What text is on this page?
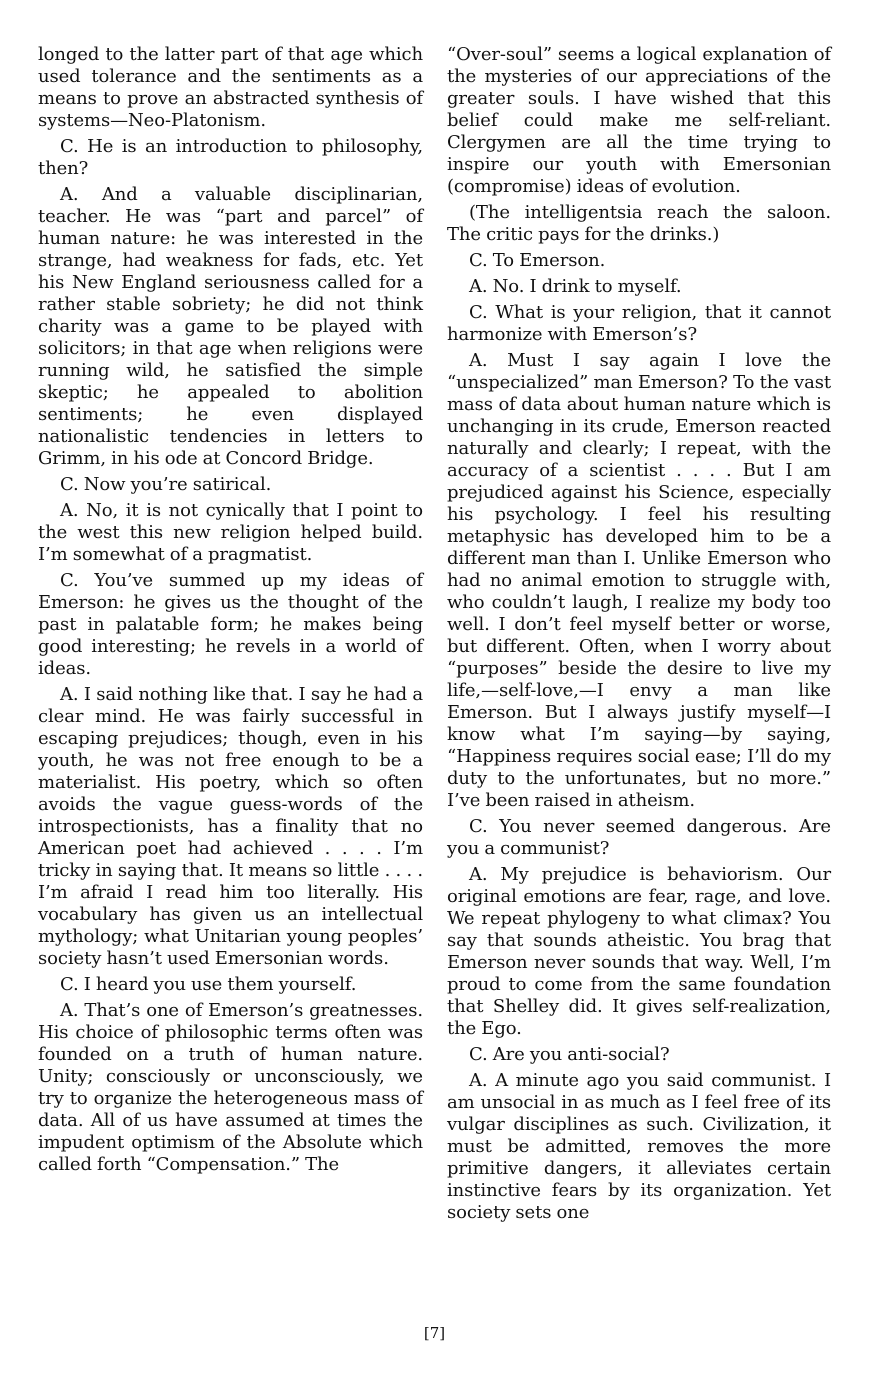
longed to the latter part of that age which used tolerance and the sentiments as a means to prove an abstracted synthesis of systems—Neo-Platonism.

C. He is an introduction to philosophy, then?

A. And a valuable disciplinarian, teacher. He was “part and parcel” of human nature: he was interested in the strange, had weakness for fads, etc. Yet his New England seriousness called for a rather stable sobriety; he did not think charity was a game to be played with solicitors; in that age when religions were running wild, he satisfied the simple skeptic; he appealed to abolition sentiments; he even displayed nationalistic tendencies in letters to Grimm, in his ode at Concord Bridge.

C. Now you’re satirical.

A. No, it is not cynically that I point to the west this new religion helped build. I’m somewhat of a pragmatist.

C. You’ve summed up my ideas of Emerson: he gives us the thought of the past in palatable form; he makes being good interesting; he revels in a world of ideas.

A. I said nothing like that. I say he had a clear mind. He was fairly successful in escaping prejudices; though, even in his youth, he was not free enough to be a materialist. His poetry, which so often avoids the vague guess-words of the introspectionists, has a finality that no American poet had achieved . . . . I’m tricky in saying that. It means so little . . . . I’m afraid I read him too literally. His vocabulary has given us an intellectual mythology; what Unitarian young peoples’ society hasn’t used Emersonian words.

C. I heard you use them yourself.

A. That’s one of Emerson’s greatnesses. His choice of philosophic terms often was founded on a truth of human nature. Unity; consciously or unconsciously, we try to organize the heterogeneous mass of data. All of us have assumed at times the impudent optimism of the Absolute which called forth “Compensation.” The

“Over-soul” seems a logical explanation of the mysteries of our appreciations of the greater souls. I have wished that this belief could make me self-reliant. Clergymen are all the time trying to inspire our youth with Emersonian (compromise) ideas of evolution.

(The intelligentsia reach the saloon. The critic pays for the drinks.)

C. To Emerson.

A. No. I drink to myself.

C. What is your religion, that it cannot harmonize with Emerson’s?

A. Must I say again I love the “unspecialized” man Emerson? To the vast mass of data about human nature which is unchanging in its crude, Emerson reacted naturally and clearly; I repeat, with the accuracy of a scientist . . . . But I am prejudiced against his Science, especially his psychology. I feel his resulting metaphysic has developed him to be a different man than I. Unlike Emerson who had no animal emotion to struggle with, who couldn’t laugh, I realize my body too well. I don’t feel myself better or worse, but different. Often, when I worry about “purposes” beside the desire to live my life,—self-love,—I envy a man like Emerson. But I always justify myself—I know what I’m saying—by saying, “Happiness requires social ease; I’ll do my duty to the unfortunates, but no more.” I’ve been raised in atheism.

C. You never seemed dangerous. Are you a communist?

A. My prejudice is behaviorism. Our original emotions are fear, rage, and love. We repeat phylogeny to what climax? You say that sounds atheistic. You brag that Emerson never sounds that way. Well, I’m proud to come from the same foundation that Shelley did. It gives self-realization, the Ego.

C. Are you anti-social?

A. A minute ago you said communist. I am unsocial in as much as I feel free of its vulgar disciplines as such. Civilization, it must be admitted, removes the more primitive dangers, it alleviates certain instinctive fears by its organization. Yet society sets one

[7]
